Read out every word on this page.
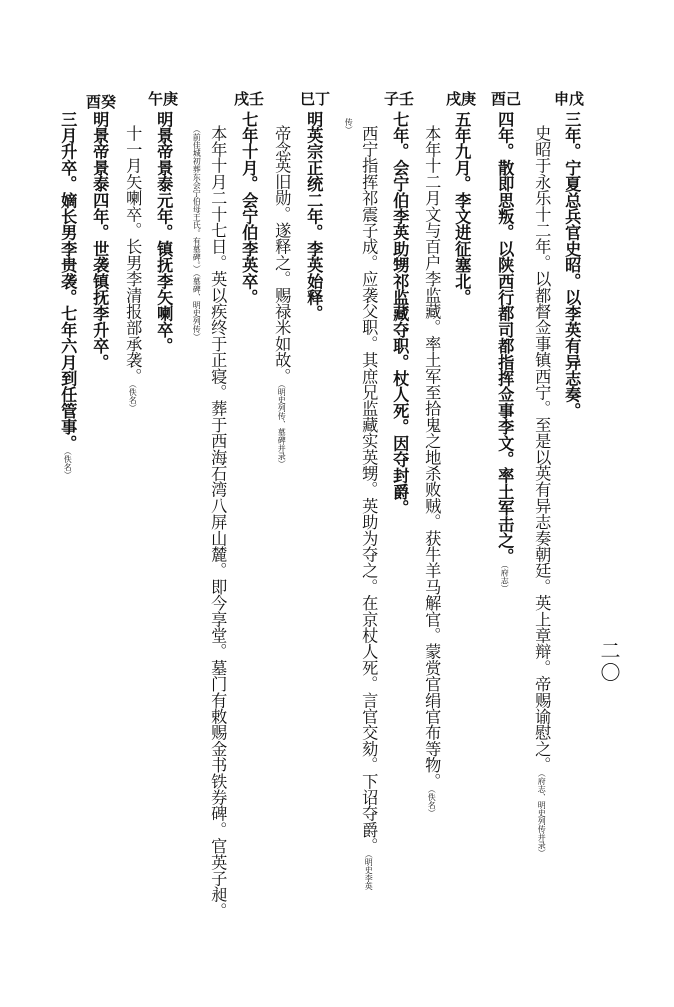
二〇
申戊
酉己
戌庚
子壬
巳丁
戌壬
午庚
酉癸
三年。宁夏总兵官史昭。以李英有异志奏。
史昭于永乐十二年。以都督佥事镇西宁。至是以英有异志奏朝廷。英上章辩。帝赐谕慰之。（府志、明史列传并录）
四年。散即思叛。以陕西行都司都指挥佥事李文。率土军击之。（府志）
五年九月。李文进征塞北。
本年十二月文与百户李监藏。率土军至拾鬼之地杀败贼。获牛羊马解官。蒙赏官绢官布等物。（佚名）
七年。会宁伯李英助甥祁监藏夺职。杖人死。因夺封爵。
西宁指挥祁震子成。应袭父职。其庶兄监藏实英甥。英助为夺之。在京杖人死。言官交劾。下诏夺爵。（明史李英
传）
明英宗正统二年。李英始释。
帝念英旧勋。遂释之。赐禄米如故。（明史列传、墓碑并录）
七年十月。会宁伯李英卒。
本年十月二十七日。英以疾终于正寝。葬于西海石湾八屏山麓。即今享堂。墓门有敕赐金书铁券碑。官英子昶。
（前佳城初葬东会宁伯母王氏。有墓碑。）（墓碑、明史列传）
明景帝景泰元年。镇抚李矢喇卒。
十一月矢喇卒。长男李清报部承袭。（佚名）
明景帝景泰四年。世袭镇抚李升卒。
三月升卒。嫡长男李贵袭。七年六月到任管事。（佚名）
